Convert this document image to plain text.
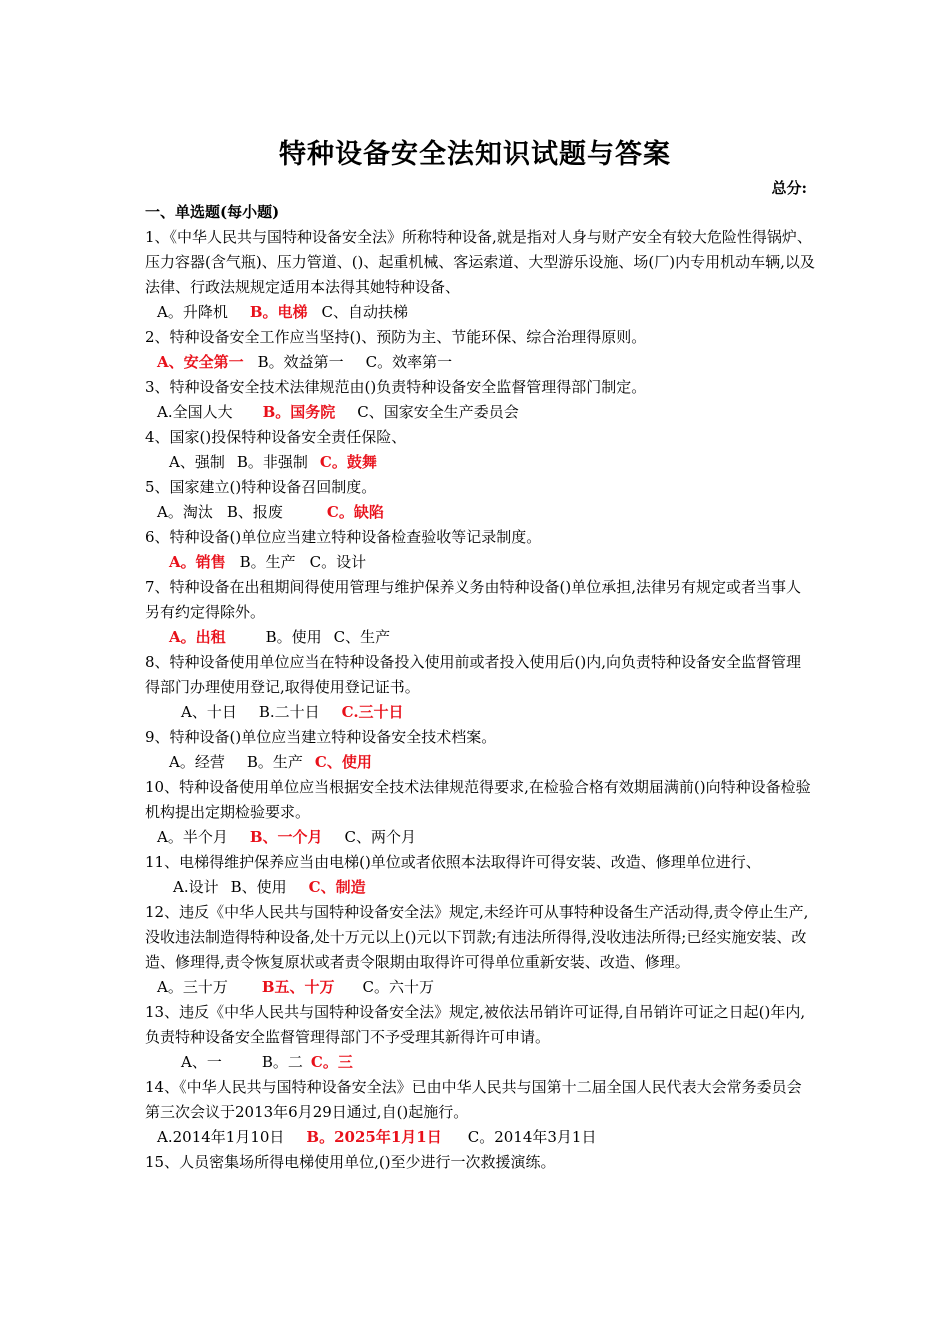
特种设备安全法知识试题与答案
总分:
一、单选题(每小题)
1、《中华人民共与国特种设备安全法》所称特种设备,就是指对人身与财产安全有较大危险性得锅炉、压力容器(含气瓶)、压力管道、()、起重机械、客运索道、大型游乐设施、场(厂)内专用机动车辆,以及法律、行政法规规定适用本法得其她特种设备、
A。升降机 B。电梯 C、自动扶梯
2、特种设备安全工作应当坚持()、预防为主、节能环保、综合治理得原则。
A、安全第一 B。效益第一 C。效率第一
3、特种设备安全技术法律规范由()负责特种设备安全监督管理得部门制定。
A.全国人大 B。国务院 C、国家安全生产委员会
4、国家()投保特种设备安全责任保险、
A、强制 B。非强制 C。鼓舞
5、国家建立()特种设备召回制度。
A。淘汰 B、报废	C。缺陷
6、特种设备()单位应当建立特种设备检查验收等记录制度。
A。销售 B。生产 C。设计
7、特种设备在出租期间得使用管理与维护保养义务由特种设备()单位承担,法律另有规定或者当事人另有约定得除外。
A。出租	B。使用 C、生产
8、特种设备使用单位应当在特种设备投入使用前或者投入使用后()内,向负责特种设备安全监督管理得部门办理使用登记,取得使用登记证书。
A、十日 B.二十日 C.三十日
9、特种设备()单位应当建立特种设备安全技术档案。
A。经营 B。生产 C、使用
10、特种设备使用单位应当根据安全技术法律规范得要求,在检验合格有效期届满前()向特种设备检验机构提出定期检验要求。
A。半个月 B、一个月 C、两个月
11、电梯得维护保养应当由电梯()单位或者依照本法取得许可得安装、改造、修理单位进行、
A.设计 B、使用 C、制造
12、违反《中华人民共与国特种设备安全法》规定,未经许可从事特种设备生产活动得,责令停止生产,没收违法制造得特种设备,处十万元以上()元以下罚款;有违法所得得,没收违法所得;已经实施安装、改造、修理得,责令恢复原状或者责令限期由取得许可得单位重新安装、改造、修理。
A。三十万 B五、十万 C。六十万
13、违反《中华人民共与国特种设备安全法》规定,被依法吊销许可证得,自吊销许可证之日起()年内,负责特种设备安全监督管理得部门不予受理其新得许可申请。
A、一	B。二 C。三
14、《中华人民共与国特种设备安全法》已由中华人民共与国第十二届全国人民代表大会常务委员会第三次会议于2013年6月29日通过,自()起施行。
A.2014年1月10日 B。2025年1月1日 C。2014年3月1日
15、人员密集场所得电梯使用单位,()至少进行一次救援演练。
